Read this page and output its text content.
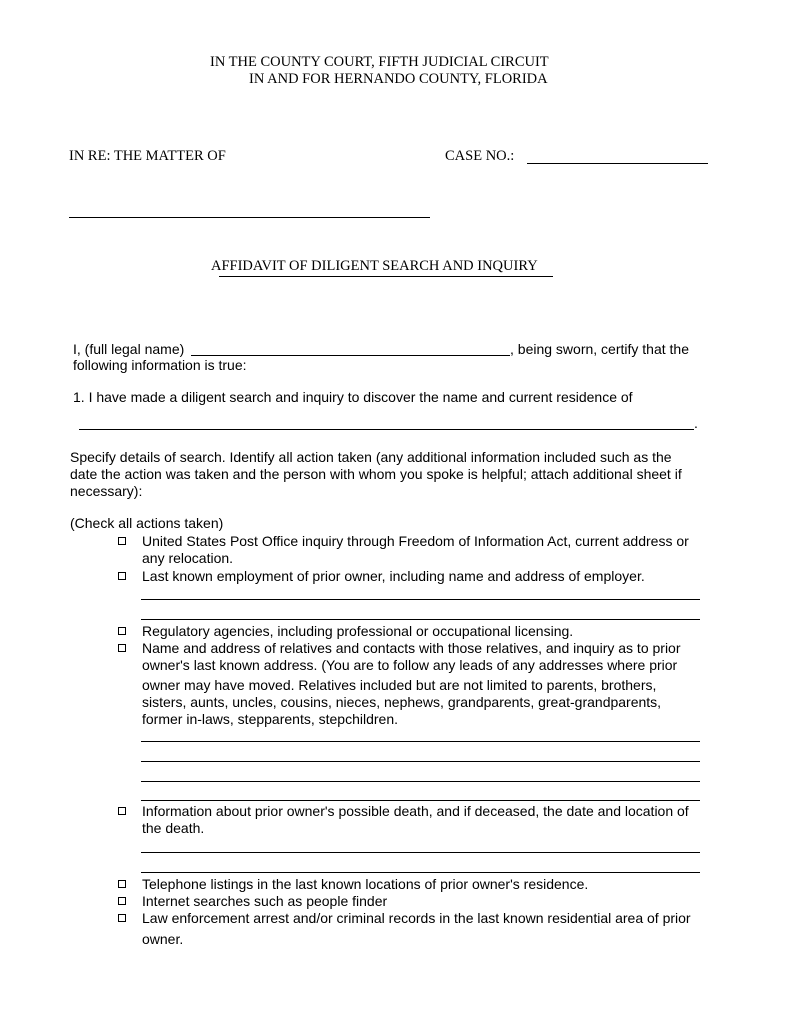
IN THE COUNTY COURT, FIFTH JUDICIAL CIRCUIT
IN AND FOR HERNANDO COUNTY, FLORIDA
IN RE: THE MATTER OF	CASE NO.:
AFFIDAVIT OF DILIGENT SEARCH AND INQUIRY
I, (full legal name)	, being sworn, certify that the
following information is true:
1. I have made a diligent search and inquiry to discover the name and current residence of
.
Specify details of search. Identify all action taken (any additional information included such as the
date the action was taken and the person with whom you spoke is helpful; attach additional sheet if
necessary):
(Check all actions taken)
United States Post Office inquiry through Freedom of Information Act, current address or
any relocation.
Last known employment of prior owner, including name and address of employer.
Regulatory agencies, including professional or occupational licensing.
Name and address of relatives and contacts with those relatives, and inquiry as to prior
owner's last known address. (You are to follow any leads of any addresses where prior
owner may have moved. Relatives included but are not limited to parents, brothers,
sisters, aunts, uncles, cousins, nieces, nephews, grandparents, great-grandparents,
former in-laws, stepparents, stepchildren.
Information about prior owner's possible death, and if deceased, the date and location of
the death.
Telephone listings in the last known locations of prior owner's residence.
Internet searches such as people finder
Law enforcement arrest and/or criminal records in the last known residential area of prior
owner.
